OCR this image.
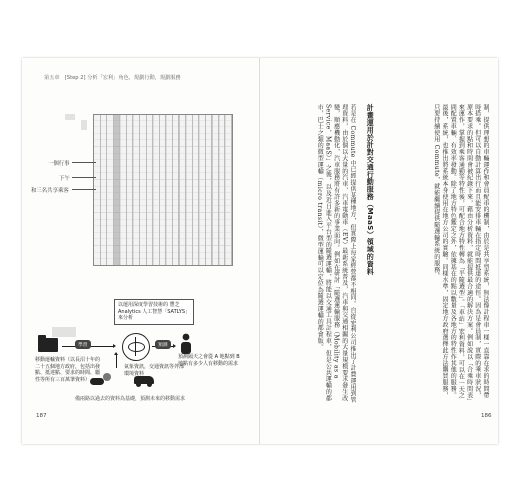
第五章　[Step 2] 分析「宏利」角色，規劃行動，規劃服務
一個行事
下午
和三名共享乘客
以運用深度學習技術的 豐芝 Analytics 人工智慧「SATLYS」來分析
學習
移動運輸資料（以長沼十年的二十五個地方政府，包括出發點、抵達點、要求的時間、屬性等所有三百萬筆資料）
預測
預測隔天之會從 A 地點到 B 地點有多少人有移動的需求
氣象資訊，交通資訊等外部環境資料
備兩路以過去的資料為基礎，預測未來的移動需求
187	186
制，提供理想的車輛運作和會員配車的機制，由於是共享型系統，無法像計程車一樣一直靠在求的時間帶時搭乘。但可以自動計算出行而且能安排車輛在指定時間抵達的途徑。因為是會員制，實際的乘車狀況，原本要求的點和時間會被紀錄下來，藉由分析資料，就能提供最合適的解決方案。例如說以「合乘時間表」來運作，掌握到乘客通勤等特性後，可配合地方特性轉為「半隨選型」。「車站」宏利資料，可以在一天之間配置車輛、有效率發動。除了地方特色鑑定之外，依據基在的點以數量及各地方的特性作其他的服務。最後，系統，也推出將系統本身使用在地方公司的實驗。同樣水準，固定地方政府選擇此方法購買服務，只要持續使用 Commute，就能繼續提供隨選輸系統的服務。
計畫運用於計對交通行動服務（MaaS）領域的資料
若是在 Commute 中已經提供某種地方，但實際上每家經營都不相同。自從宏利公司推出了計費運用到管理資料，由於個以大量的汽車，汽車電動車（EV）最新系統普及，汽車與交通相關的大量規模要求發生改變，順應機動化，汽車服務將有許多新的事業面向。例如在研討「隨選運輸服務（Mobility as a Service，MaaS）」之後，以及近日進入平台型的隨選運輸，將能以交通工具計程車，但是公共運輸的都市，巴士之類的微型運輸（micro transit），微型運輸可以定位為隨選運輸的都會版。
